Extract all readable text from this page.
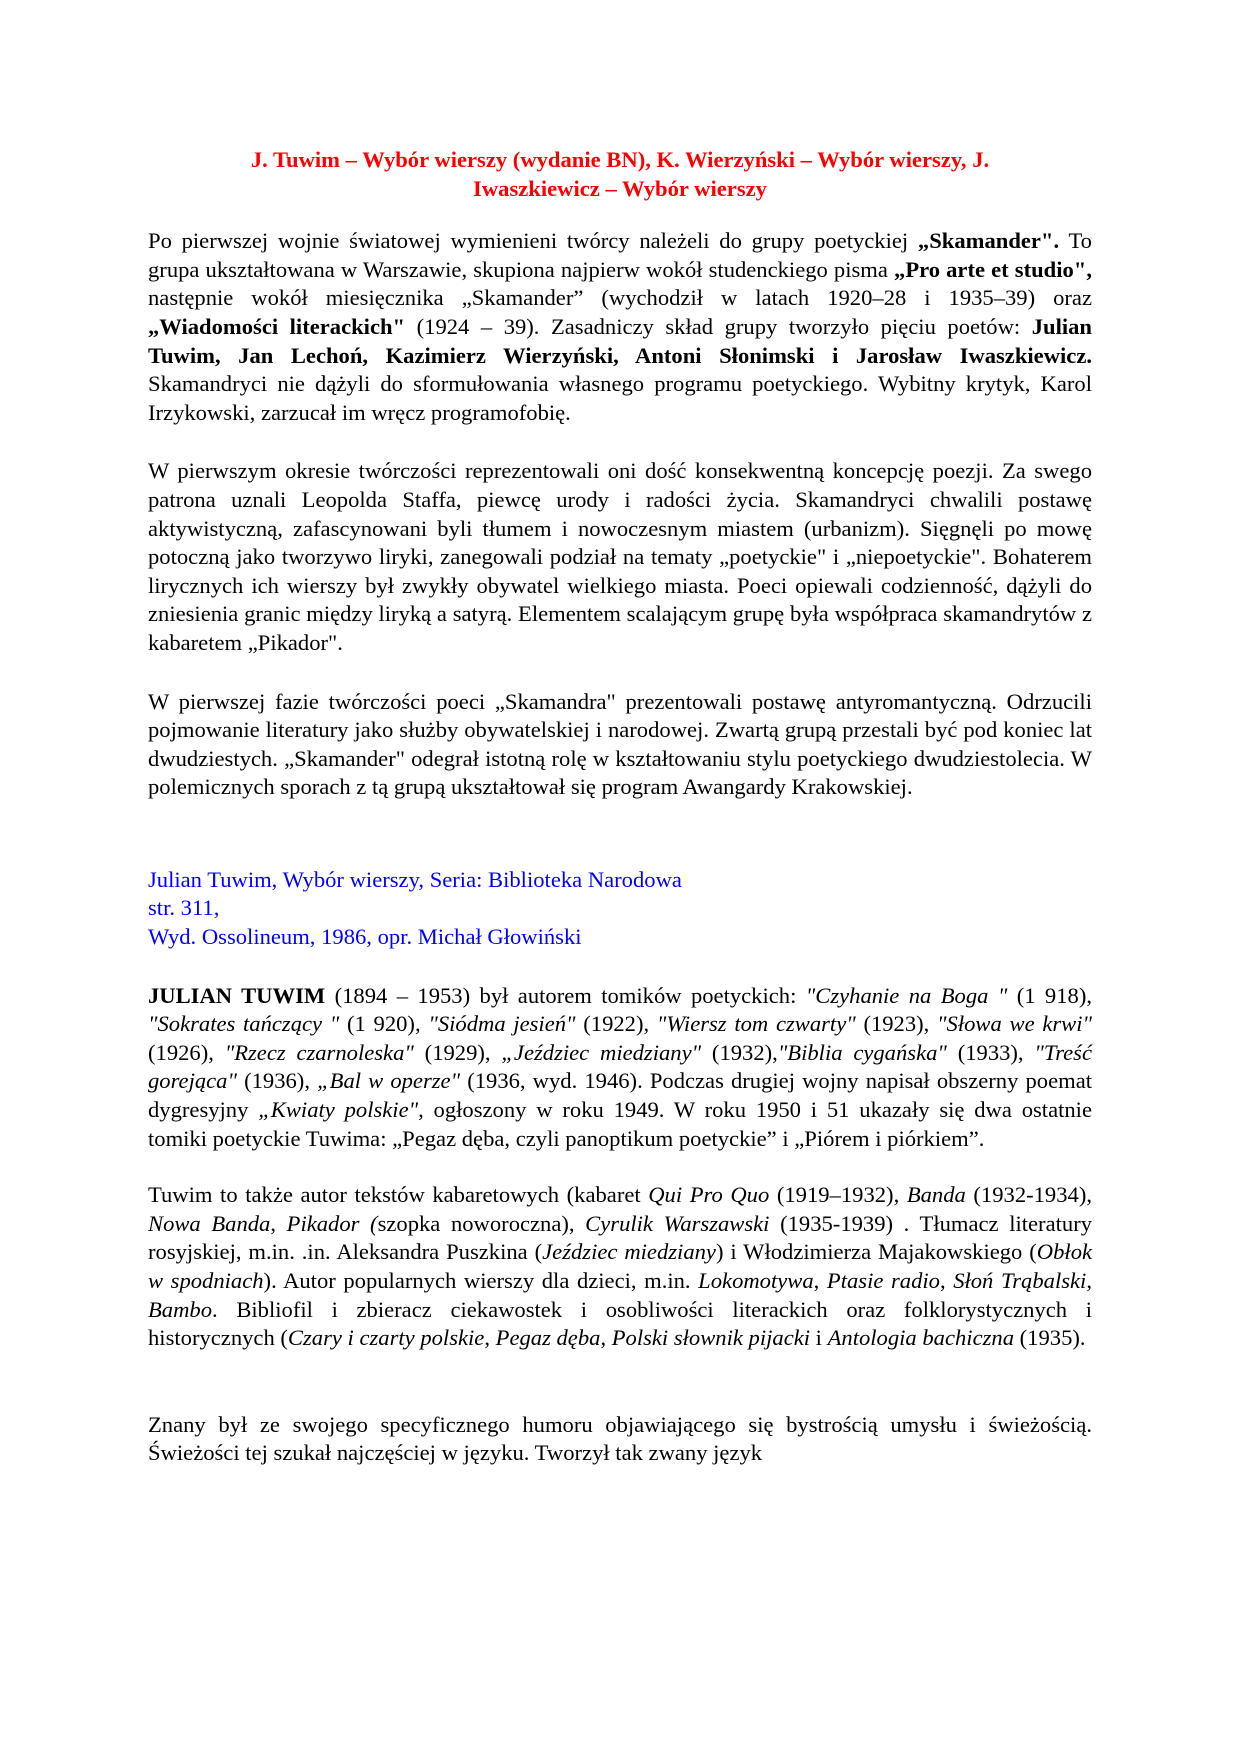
J. Tuwim – Wybór wierszy (wydanie BN), K. Wierzyński – Wybór wierszy, J. Iwaszkiewicz – Wybór wierszy

Po pierwszej wojnie światowej wymienieni twórcy należeli do grupy poetyckiej „Skamander". To grupa ukształtowana w Warszawie, skupiona najpierw wokół studenckiego pisma „Pro arte et studio", następnie wokół miesięcznika „Skamander” (wychodził w latach 1920–28 i 1935–39) oraz „Wiadomości literackich" (1924 – 39). Zasadniczy skład grupy tworzyło pięciu poetów: Julian Tuwim, Jan Lechoń, Kazimierz Wierzyński, Antoni Słonimski i Jarosław Iwaszkiewicz. Skamandryci nie dążyli do sformułowania własnego programu poetyckiego. Wybitny krytyk, Karol Irzykowski, zarzucał im wręcz programofobię.

W pierwszym okresie twórczości reprezentowali oni dość konsekwentną koncepcję poezji. Za swego patrona uznali Leopolda Staffa, piewcę urody i radości życia. Skamandryci chwalili postawę aktywistyczną, zafascynowani byli tłumem i nowoczesnym miastem (urbanizm). Sięgnęli po mowę potoczną jako tworzywo liryki, zanegowali podział na tematy „poetyckie" i „niepoetyckie". Bohaterem lirycznych ich wierszy był zwykły obywatel wielkiego miasta. Poeci opiewali codzienność, dążyli do zniesienia granic między liryką a satyrą. Elementem scalającym grupę była współpraca skamandrytów z kabaretem „Pikador".

W pierwszej fazie twórczości poeci „Skamandra" prezentowali postawę antyromantyczną. Odrzucili pojmowanie literatury jako służby obywatelskiej i narodowej. Zwartą grupą przestali być pod koniec lat dwudziestych. „Skamander" odegrał istotną rolę w kształtowaniu stylu poetyckiego dwudziestolecia. W polemicznych sporach z tą grupą ukształtował się program Awangardy Krakowskiej.

Julian Tuwim, Wybór wierszy, Seria: Biblioteka Narodowa
str. 311,
Wyd. Ossolineum, 1986, opr. Michał Głowiński

JULIAN TUWIM (1894 – 1953) był autorem tomików poetyckich: "Czyhanie na Boga " (1 918), "Sokrates tańczący " (1 920), "Siódma jesień" (1922), "Wiersz tom czwarty" (1923), "Słowa we krwi" (1926), "Rzecz czarnoleska" (1929), „Jeździec miedziany" (1932),"Biblia cygańska" (1933), "Treść gorejąca" (1936), „Bal w operze" (1936, wyd. 1946). Podczas drugiej wojny napisał obszerny poemat dygresyjny „Kwiaty polskie", ogłoszony w roku 1949. W roku 1950 i 51 ukazały się dwa ostatnie tomiki poetyckie Tuwima: „Pegaz dęba, czyli panoptikum poetyckie” i „Piórem i piórkiem”.

Tuwim to także autor tekstów kabaretowych (kabaret Qui Pro Quo (1919–1932), Banda (1932-1934), Nowa Banda, Pikador (szopka noworoczna), Cyrulik Warszawski (1935-1939) . Tłumacz literatury rosyjskiej, m.in. .in. Aleksandra Puszkina (Jeździec miedziany) i Włodzimierza Majakowskiego (Obłok w spodniach). Autor popularnych wierszy dla dzieci, m.in. Lokomotywa, Ptasie radio, Słoń Trąbalski, Bambo. Bibliofil i zbieracz ciekawostek i osobliwości literackich oraz folklorystycznych i historycznych (Czary i czarty polskie, Pegaz dęba, Polski słownik pijacki i Antologia bachiczna (1935).

Znany był ze swojego specyficznego humoru objawiającego się bystrością umysłu i świeżością. Świeżości tej szukał najczęściej w języku. Tworzył tak zwany język
